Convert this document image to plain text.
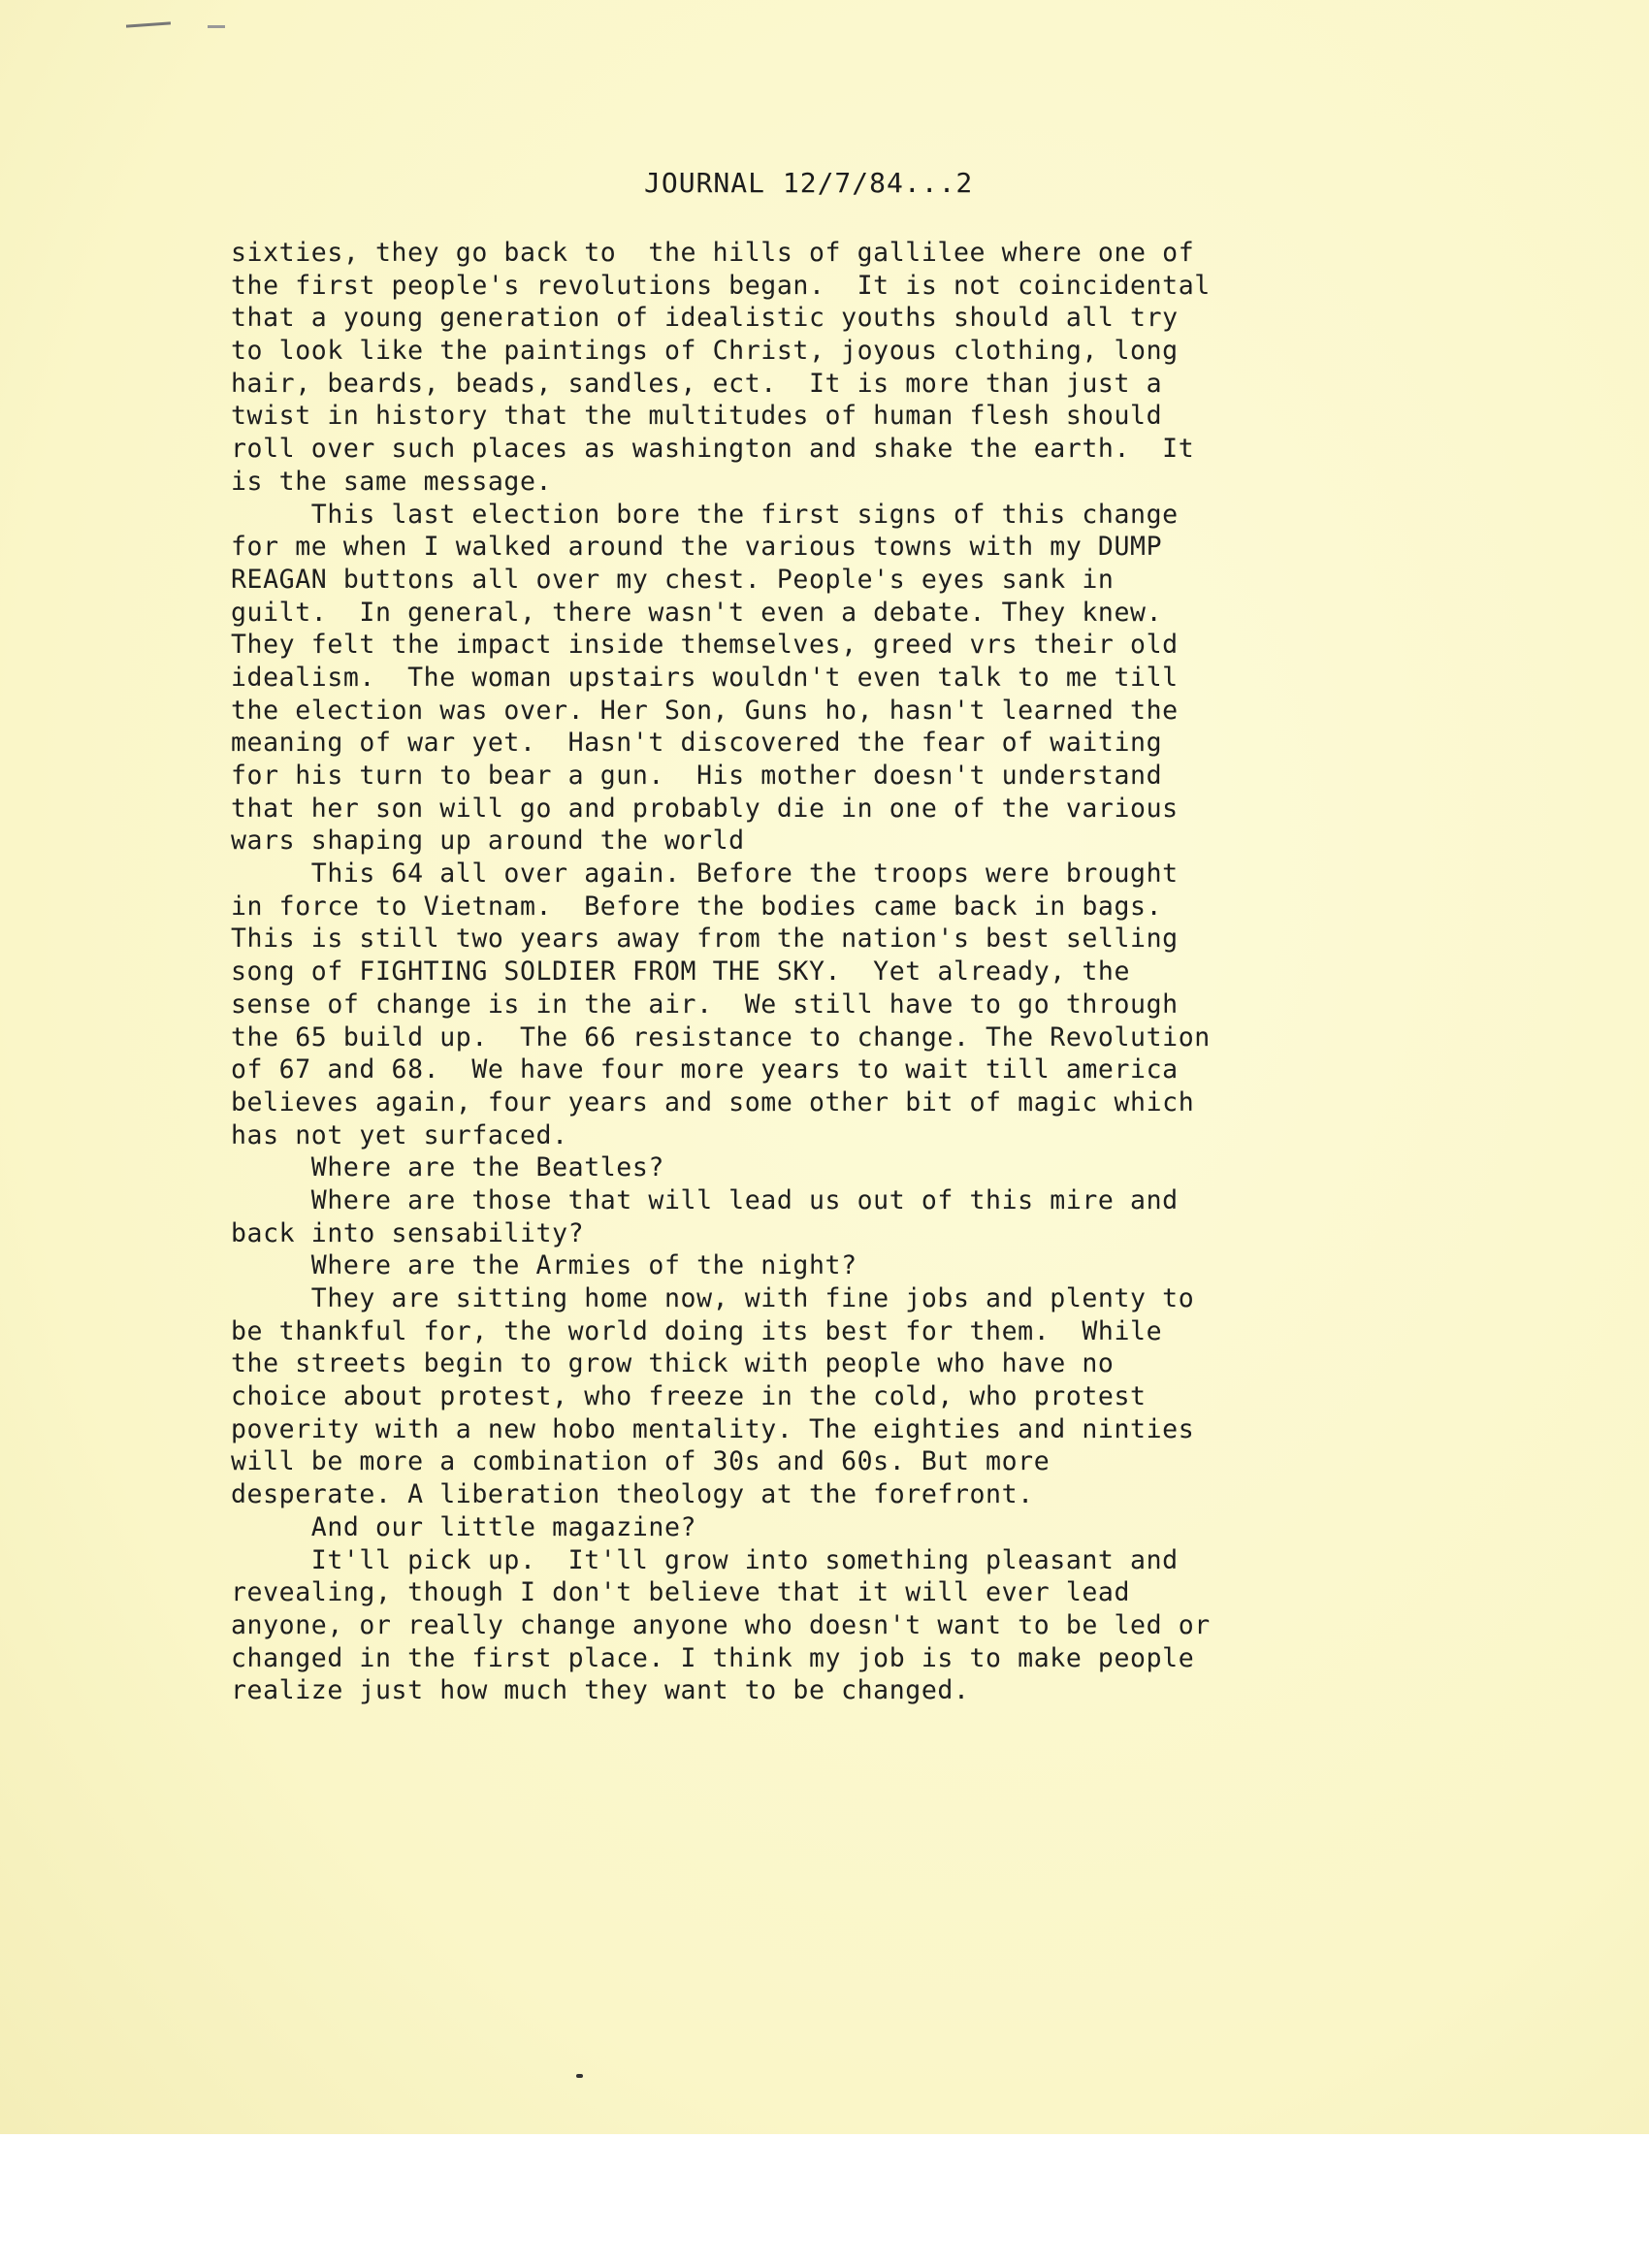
JOURNAL 12/7/84...2
sixties, they go back to  the hills of gallilee where one of
the first people's revolutions began.  It is not coincidental
that a young generation of idealistic youths should all try
to look like the paintings of Christ, joyous clothing, long
hair, beards, beads, sandles, ect.  It is more than just a
twist in history that the multitudes of human flesh should
roll over such places as washington and shake the earth.  It
is the same message.
This last election bore the first signs of this change
for me when I walked around the various towns with my DUMP
REAGAN buttons all over my chest. People's eyes sank in
guilt.  In general, there wasn't even a debate. They knew.
They felt the impact inside themselves, greed vrs their old
idealism.  The woman upstairs wouldn't even talk to me till
the election was over. Her Son, Guns ho, hasn't learned the
meaning of war yet.  Hasn't discovered the fear of waiting
for his turn to bear a gun.  His mother doesn't understand
that her son will go and probably die in one of the various
wars shaping up around the world
This 64 all over again. Before the troops were brought
in force to Vietnam.  Before the bodies came back in bags.
This is still two years away from the nation's best selling
song of FIGHTING SOLDIER FROM THE SKY.  Yet already, the
sense of change is in the air.  We still have to go through
the 65 build up.  The 66 resistance to change. The Revolution
of 67 and 68.  We have four more years to wait till america
believes again, four years and some other bit of magic which
has not yet surfaced.
Where are the Beatles?
Where are those that will lead us out of this mire and
back into sensability?
Where are the Armies of the night?
They are sitting home now, with fine jobs and plenty to
be thankful for, the world doing its best for them.  While
the streets begin to grow thick with people who have no
choice about protest, who freeze in the cold, who protest
poverity with a new hobo mentality. The eighties and ninties
will be more a combination of 30s and 60s. But more
desperate. A liberation theology at the forefront.
And our little magazine?
It'll pick up.  It'll grow into something pleasant and
revealing, though I don't believe that it will ever lead
anyone, or really change anyone who doesn't want to be led or
changed in the first place. I think my job is to make people
realize just how much they want to be changed.
